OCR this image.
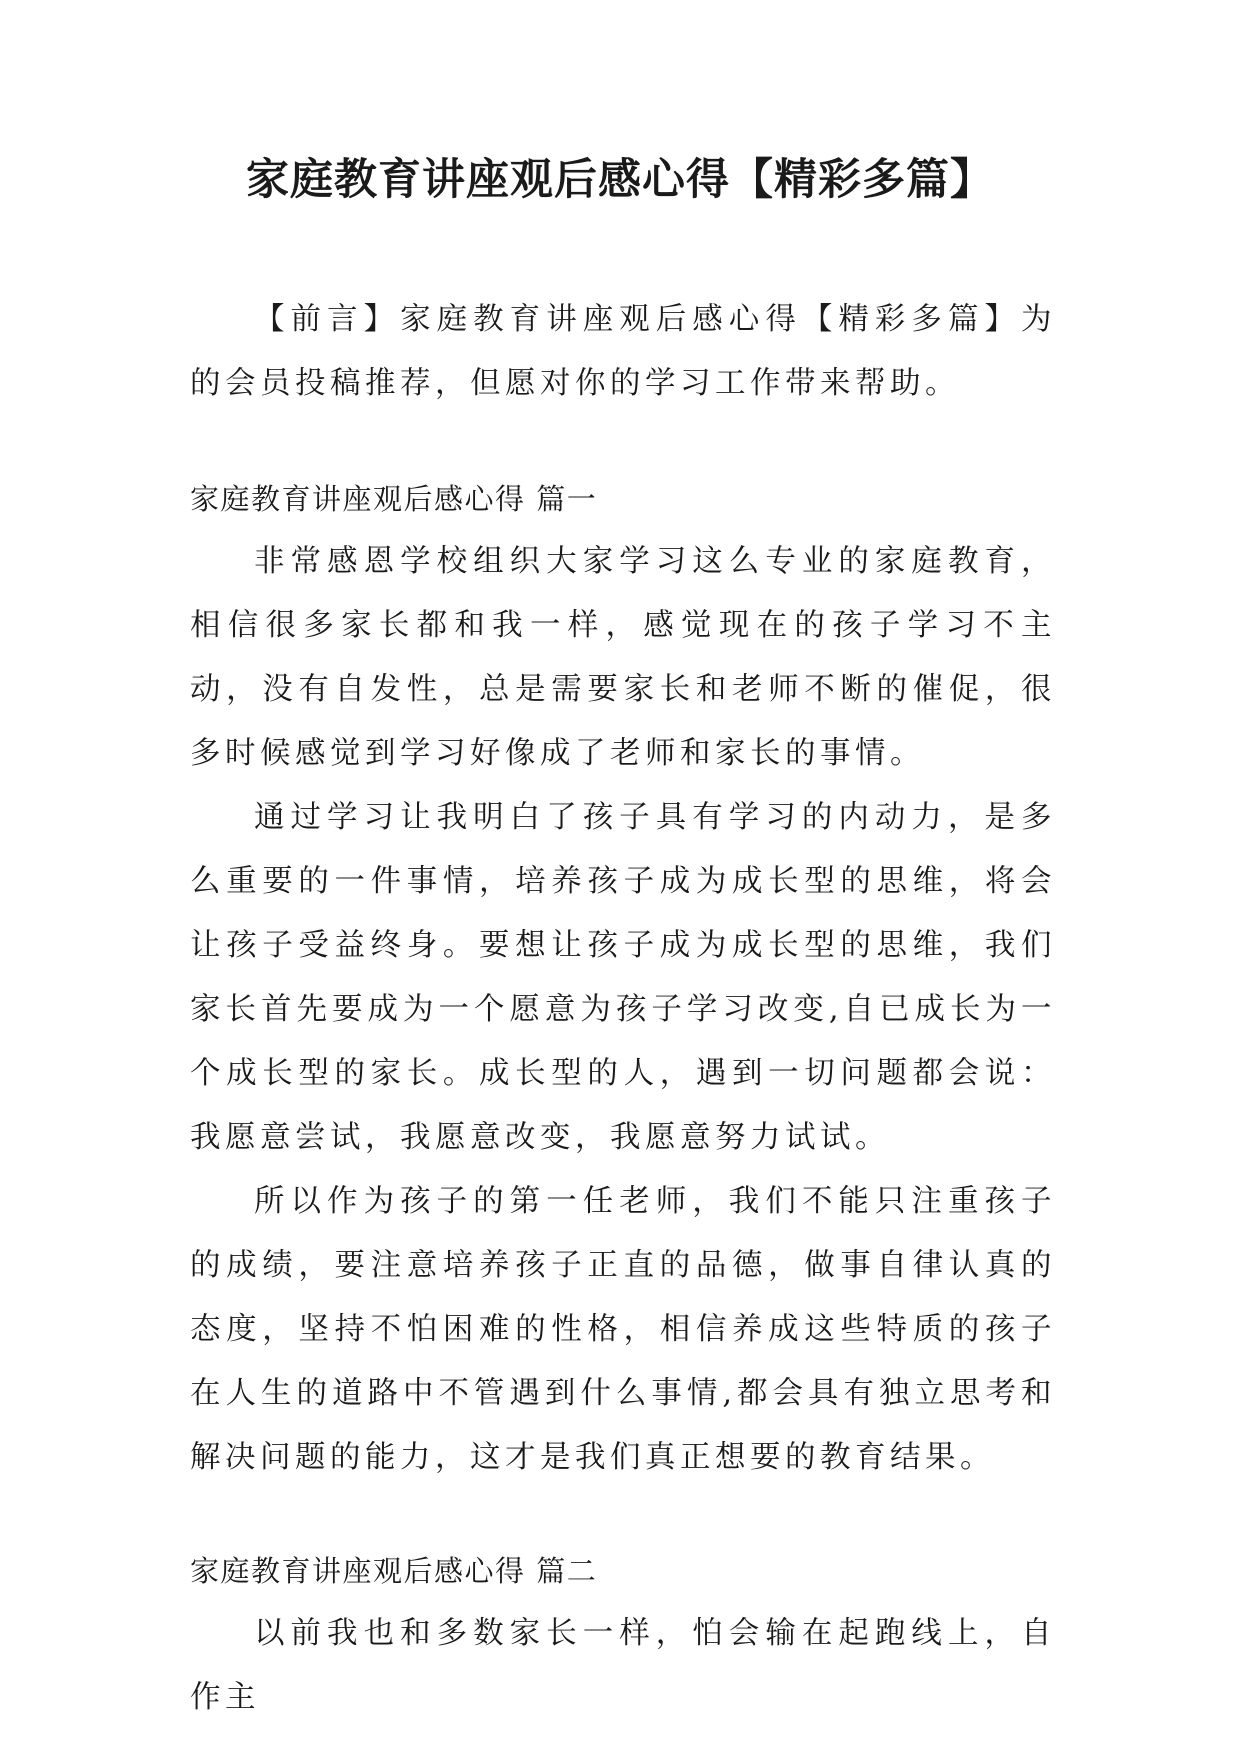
家庭教育讲座观后感心得【精彩多篇】

【前言】家庭教育讲座观后感心得【精彩多篇】为的会员投稿推荐，但愿对你的学习工作带来帮助。

家庭教育讲座观后感心得 篇一

非常感恩学校组织大家学习这么专业的家庭教育，相信很多家长都和我一样，感觉现在的孩子学习不主动，没有自发性，总是需要家长和老师不断的催促，很多时候感觉到学习好像成了老师和家长的事情。

通过学习让我明白了孩子具有学习的内动力，是多么重要的一件事情，培养孩子成为成长型的思维，将会让孩子受益终身。要想让孩子成为成长型的思维，我们家长首先要成为一个愿意为孩子学习改变,自已成长为一个成长型的家长。成长型的人，遇到一切问题都会说：我愿意尝试，我愿意改变，我愿意努力试试。

所以作为孩子的第一任老师，我们不能只注重孩子的成绩，要注意培养孩子正直的品德，做事自律认真的态度，坚持不怕困难的性格，相信养成这些特质的孩子在人生的道路中不管遇到什么事情,都会具有独立思考和解决问题的能力，这才是我们真正想要的教育结果。

家庭教育讲座观后感心得 篇二

以前我也和多数家长一样，怕会输在起跑线上，自作主
